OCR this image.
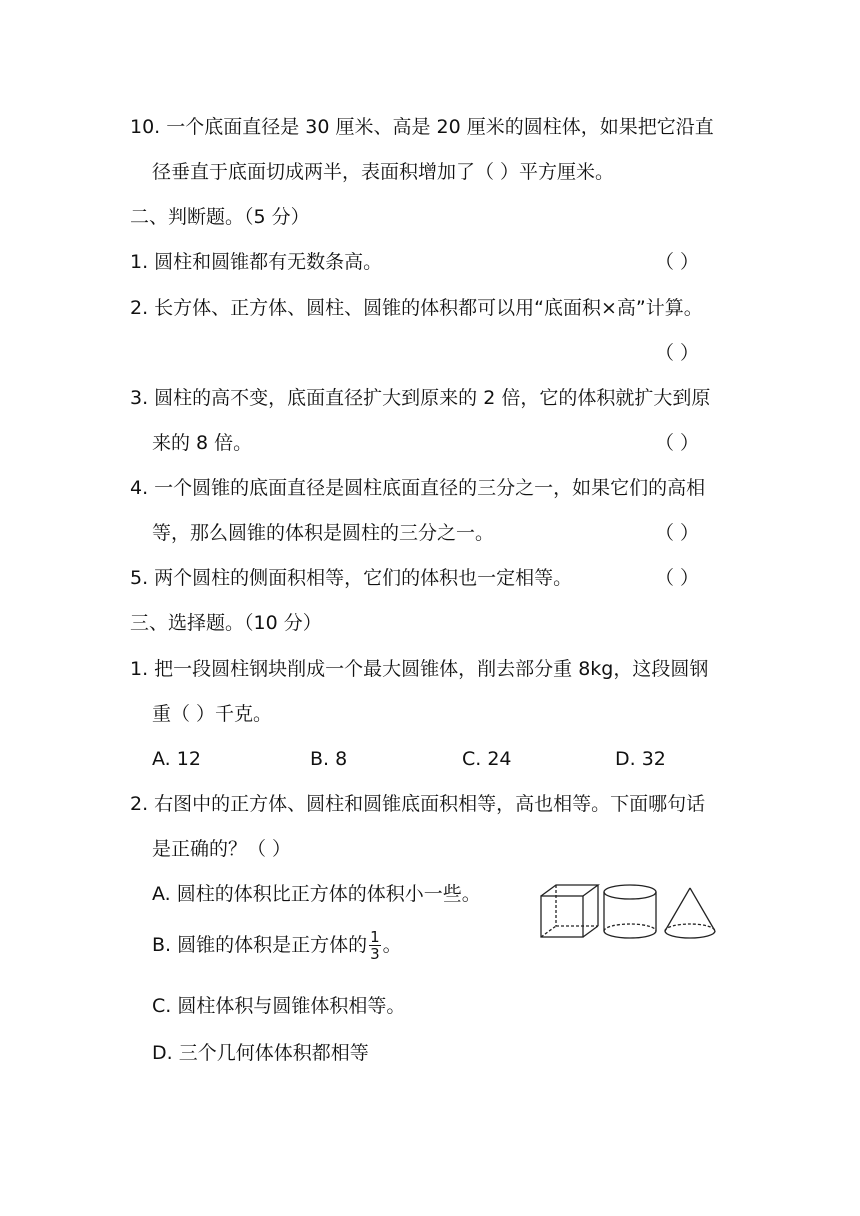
10. 一个底面直径是 30 厘米、高是 20 厘米的圆柱体，如果把它沿直
径垂直于底面切成两半，表面积增加了（ ）平方厘米。
二、判断题。（5 分）
1. 圆柱和圆锥都有无数条高。	（ ）
2. 长方体、正方体、圆柱、圆锥的体积都可以用“底面积×高”计算。
（ ）
3. 圆柱的高不变，底面直径扩大到原来的 2 倍，它的体积就扩大到原
来的 8 倍。	（ ）
4. 一个圆锥的底面直径是圆柱底面直径的三分之一，如果它们的高相
等，那么圆锥的体积是圆柱的三分之一。	（ ）
5. 两个圆柱的侧面积相等，它们的体积也一定相等。	（ ）
三、选择题。（10 分）
1. 把一段圆柱钢块削成一个最大圆锥体，削去部分重 8kg，这段圆钢
重（ ）千克。
A. 12	B. 8	C. 24	D. 32
2. 右图中的正方体、圆柱和圆锥底面积相等，高也相等。下面哪句话
是正确的？（ ）
A. 圆柱的体积比正方体的体积小一些。
B. 圆锥的体积是正方体的 $\frac{1}{3}$ 。
C. 圆柱体积与圆锥体积相等。
D. 三个几何体体积都相等
